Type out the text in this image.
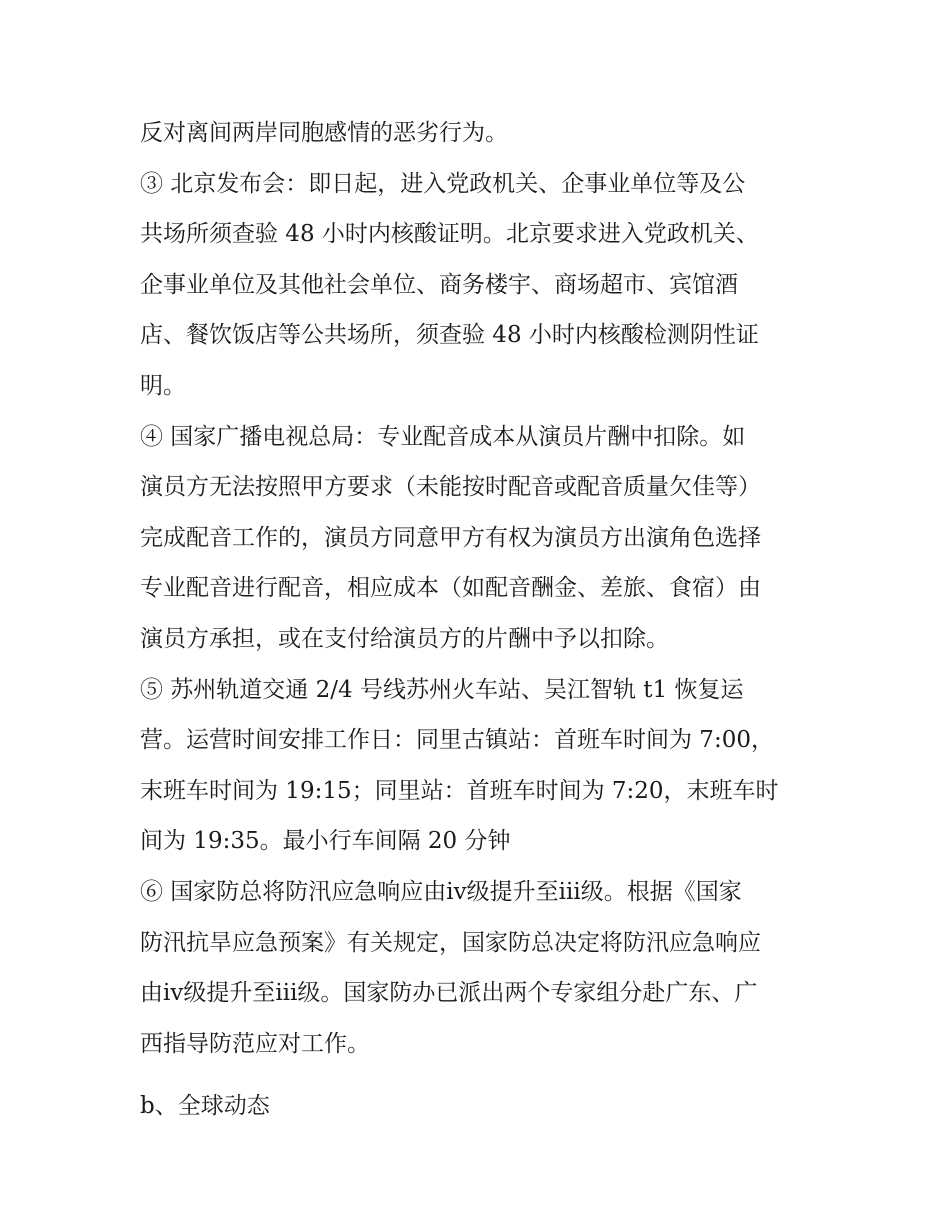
反对离间两岸同胞感情的恶劣行为。
③ 北京发布会：即日起，进入党政机关、企事业单位等及公
共场所须查验 48 小时内核酸证明。北京要求进入党政机关、
企事业单位及其他社会单位、商务楼宇、商场超市、宾馆酒
店、餐饮饭店等公共场所，须查验 48 小时内核酸检测阴性证
明。
④ 国家广播电视总局：专业配音成本从演员片酬中扣除。如
演员方无法按照甲方要求（未能按时配音或配音质量欠佳等）
完成配音工作的，演员方同意甲方有权为演员方出演角色选择
专业配音进行配音，相应成本（如配音酬金、差旅、食宿）由
演员方承担，或在支付给演员方的片酬中予以扣除。
⑤ 苏州轨道交通 2/4 号线苏州火车站、吴江智轨 t1 恢复运
营。运营时间安排工作日：同里古镇站：首班车时间为 7:00，
末班车时间为 19:15；同里站：首班车时间为 7:20，末班车时
间为 19:35。最小行车间隔 20 分钟
⑥ 国家防总将防汛应急响应由ⅳ级提升至ⅲ级。根据《国家
防汛抗旱应急预案》有关规定，国家防总决定将防汛应急响应
由ⅳ级提升至ⅲ级。国家防办已派出两个专家组分赴广东、广
西指导防范应对工作。
b、全球动态
